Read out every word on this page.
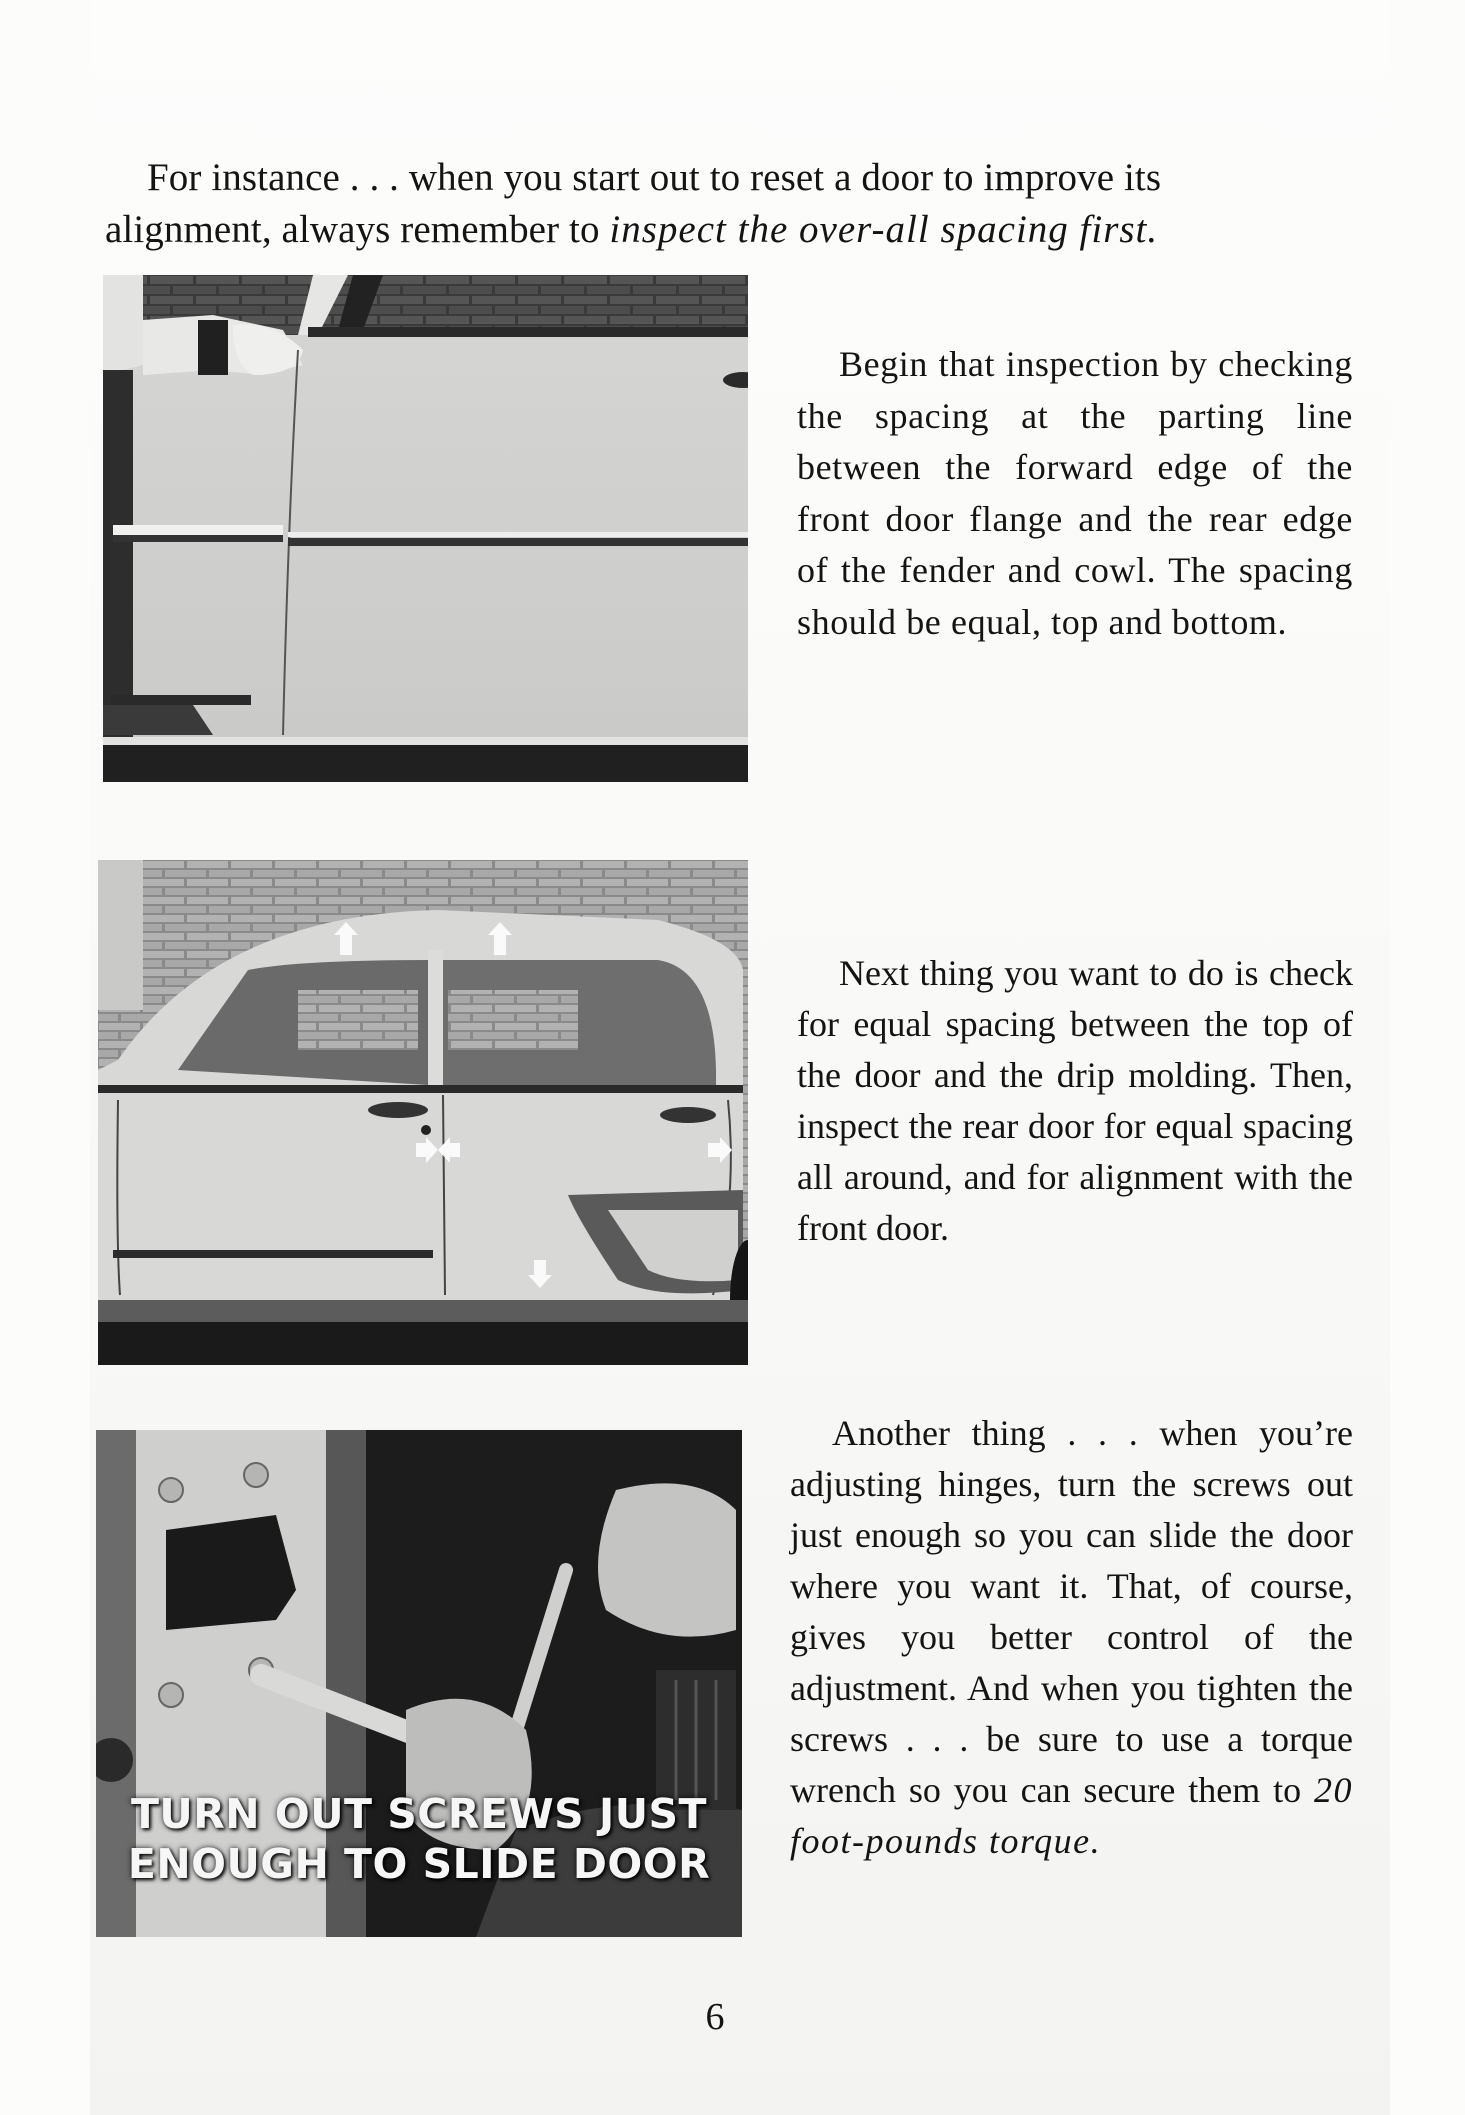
For instance . . . when you start out to reset a door to improve its

alignment, always remember to inspect the over-all spacing first.

Begin that inspection by checking the spacing at the parting line between the forward edge of the front door flange and the rear edge of the fender and cowl. The spacing should be equal, top and bottom.

Next thing you want to do is check for equal spacing between the top of the door and the drip molding. Then, inspect the rear door for equal spacing all around, and for alignment with the front door.

TURN OUT SCREWS JUST
ENOUGH TO SLIDE DOOR

Another thing . . . when you’re adjusting hinges, turn the screws out just enough so you can slide the door where you want it. That, of course, gives you better control of the adjustment. And when you tighten the screws . . . be sure to use a torque wrench so you can secure them to 20 foot-pounds torque.

6
